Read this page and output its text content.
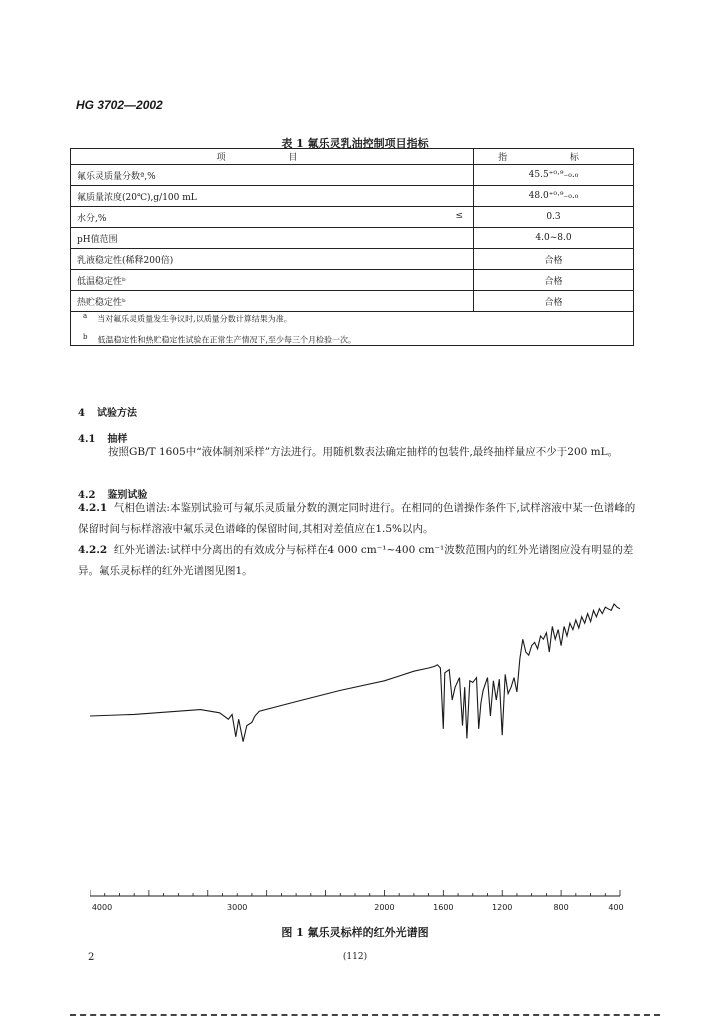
HG 3702—2002
表 1 氟乐灵乳油控制项目指标
项 目	指 标
氟乐灵质量分数ª,%	45.5⁺⁰·⁹₋₀.₀
氟质量浓度(20℃),g/100 mL	48.0⁺⁰·⁹₋₀.₀
水分,% ≤	0.3
pH值范围	4.0~8.0
乳液稳定性(稀释200倍)	合格
低温稳定性ᵇ	合格
热贮稳定性ᵇ	合格

a 当对氟乐灵质量发生争议时,以质量分数计算结果为准。
b 低温稳定性和热贮稳定性试验在正常生产情况下,至少每三个月检验一次。	
4 试验方法
4.1 抽样
按照GB/T 1605中“液体制剂采样”方法进行。用随机数表法确定抽样的包装件,最终抽样量应不少于200 mL。
4.2 鉴别试验
4.2.1 气相色谱法:本鉴别试验可与氟乐灵质量分数的测定同时进行。在相同的色谱操作条件下,试样溶液中某一色谱峰的保留时间与标样溶液中氟乐灵色谱峰的保留时间,其相对差值应在1.5%以内。
4.2.2 红外光谱法:试样中分离出的有效成分与标样在4 000 cm⁻¹~400 cm⁻¹波数范围内的红外光谱图应没有明显的差异。氟乐灵标样的红外光谱图见图1。
4000	3000	2000	1600	1200	800	400
图 1 氟乐灵标样的红外光谱图
2	(112)
